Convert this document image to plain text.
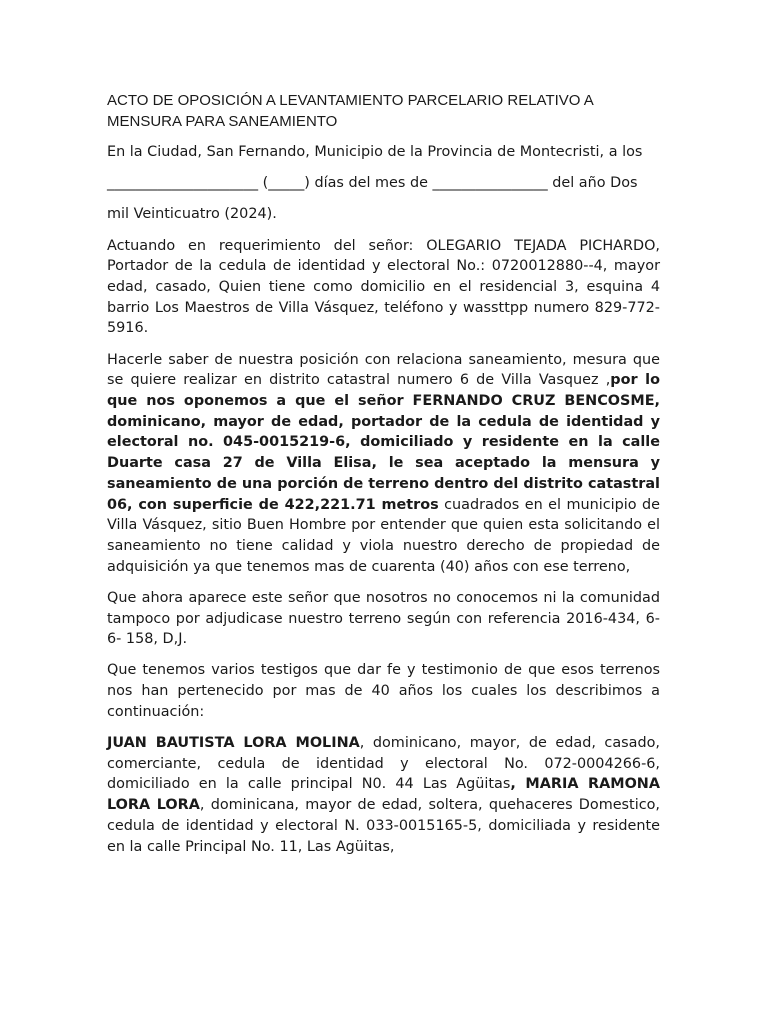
ACTO DE OPOSICIÓN A LEVANTAMIENTO PARCELARIO RELATIVO A MENSURA PARA SANEAMIENTO

En la Ciudad, San Fernando, Municipio de la Provincia de Montecristi, a los

_____________________ (_____) días del mes de ________________ del año Dos

mil Veinticuatro (2024).

Actuando en requerimiento del señor: OLEGARIO TEJADA PICHARDO, Portador de la cedula de identidad y electoral No.: 0720012880--4, mayor edad, casado, Quien tiene como domicilio en el residencial 3, esquina 4 barrio Los Maestros de Villa Vásquez, teléfono y wassttpp numero 829-772-5916.

Hacerle saber de nuestra posición con relaciona saneamiento, mesura que se quiere realizar en distrito catastral numero 6 de Villa Vasquez ,por lo que nos oponemos a que el señor FERNANDO CRUZ BENCOSME, dominicano, mayor de edad, portador de la cedula de identidad y electoral no. 045-0015219-6, domiciliado y residente en la calle Duarte casa 27 de Villa Elisa, le sea aceptado la mensura y saneamiento de una porción de terreno dentro del distrito catastral 06, con superficie de 422,221.71 metros cuadrados en el municipio de Villa Vásquez, sitio Buen Hombre por entender que quien esta solicitando el saneamiento no tiene calidad y viola nuestro derecho de propiedad de adquisición ya que tenemos mas de cuarenta (40) años con ese terreno,

Que ahora aparece este señor que nosotros no conocemos ni la comunidad tampoco por adjudicase nuestro terreno según con referencia 2016-434, 6-6- 158, D,J.

Que tenemos varios testigos que dar fe y testimonio de que esos terrenos nos han pertenecido por mas de 40 años los cuales los describimos a continuación:

JUAN BAUTISTA LORA MOLINA, dominicano, mayor, de edad, casado, comerciante, cedula de identidad y electoral No. 072-0004266-6, domiciliado en la calle principal N0. 44 Las Agüitas, MARIA RAMONA LORA LORA, dominicana, mayor de edad, soltera, quehaceres Domestico, cedula de identidad y electoral N. 033-0015165-5, domiciliada y residente en la calle Principal No. 11, Las Agüitas,
